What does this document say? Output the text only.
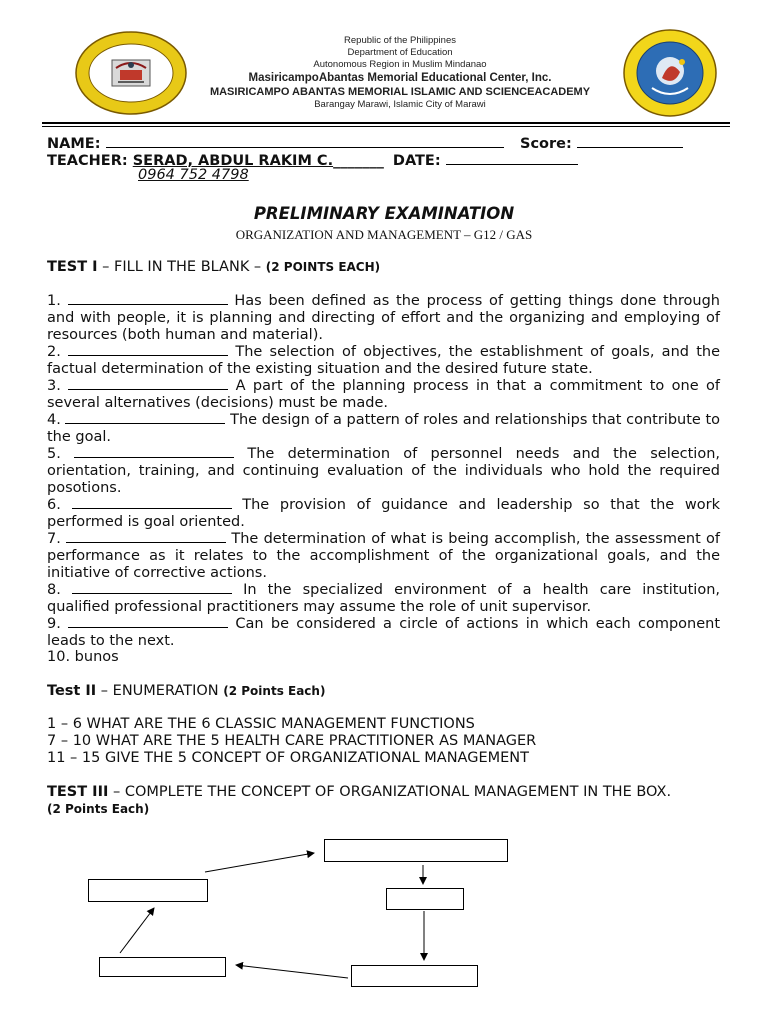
Republic of the Philippines
Department of Education
Autonomous Region in Muslim Mindanao
MasiricampoAbantas Memorial Educational Center, Inc.
MASIRICAMPO ABANTAS MEMORIAL ISLAMIC AND SCIENCEACADEMY
Barangay Marawi, Islamic City of Marawi
NAME:	Score:
TEACHER: SERAD, ABDUL RAKIM C._______ DATE:
0964 752 4798
PRELIMINARY EXAMINATION
ORGANIZATION AND MANAGEMENT – G12 / GAS
TEST I – FILL IN THE BLANK – (2 POINTS EACH)
1.	Has been defined as the process of getting things done through and with people, it is planning and directing of effort and the organizing and employing of resources (both human and material).
2.	The selection of objectives, the establishment of goals, and the factual determination of the existing situation and the desired future state.
3.	A part of the planning process in that a commitment to one of several alternatives (decisions) must be made.
4.	The design of a pattern of roles and relationships that contribute to the goal.
5.	The determination of personnel needs and the selection, orientation, training, and continuing evaluation of the individuals who hold the required posotions.
6.	The provision of guidance and leadership so that the work performed is goal oriented.
7.	The determination of what is being accomplish, the assessment of performance as it relates to the accomplishment of the organizational goals, and the initiative of corrective actions.
8.	In the specialized environment of a health care institution, qualified professional practitioners may assume the role of unit supervisor.
9.	Can be considered a circle of actions in which each component leads to the next.
10. bunos
Test II – ENUMERATION (2 Points Each)
1 – 6 WHAT ARE THE 6 CLASSIC MANAGEMENT FUNCTIONS
7 – 10 WHAT ARE THE 5 HEALTH CARE PRACTITIONER AS MANAGER
11 – 15 GIVE THE 5 CONCEPT OF ORGANIZATIONAL MANAGEMENT
TEST III – COMPLETE THE CONCEPT OF ORGANIZATIONAL MANAGEMENT IN THE BOX.
(2 Points Each)
